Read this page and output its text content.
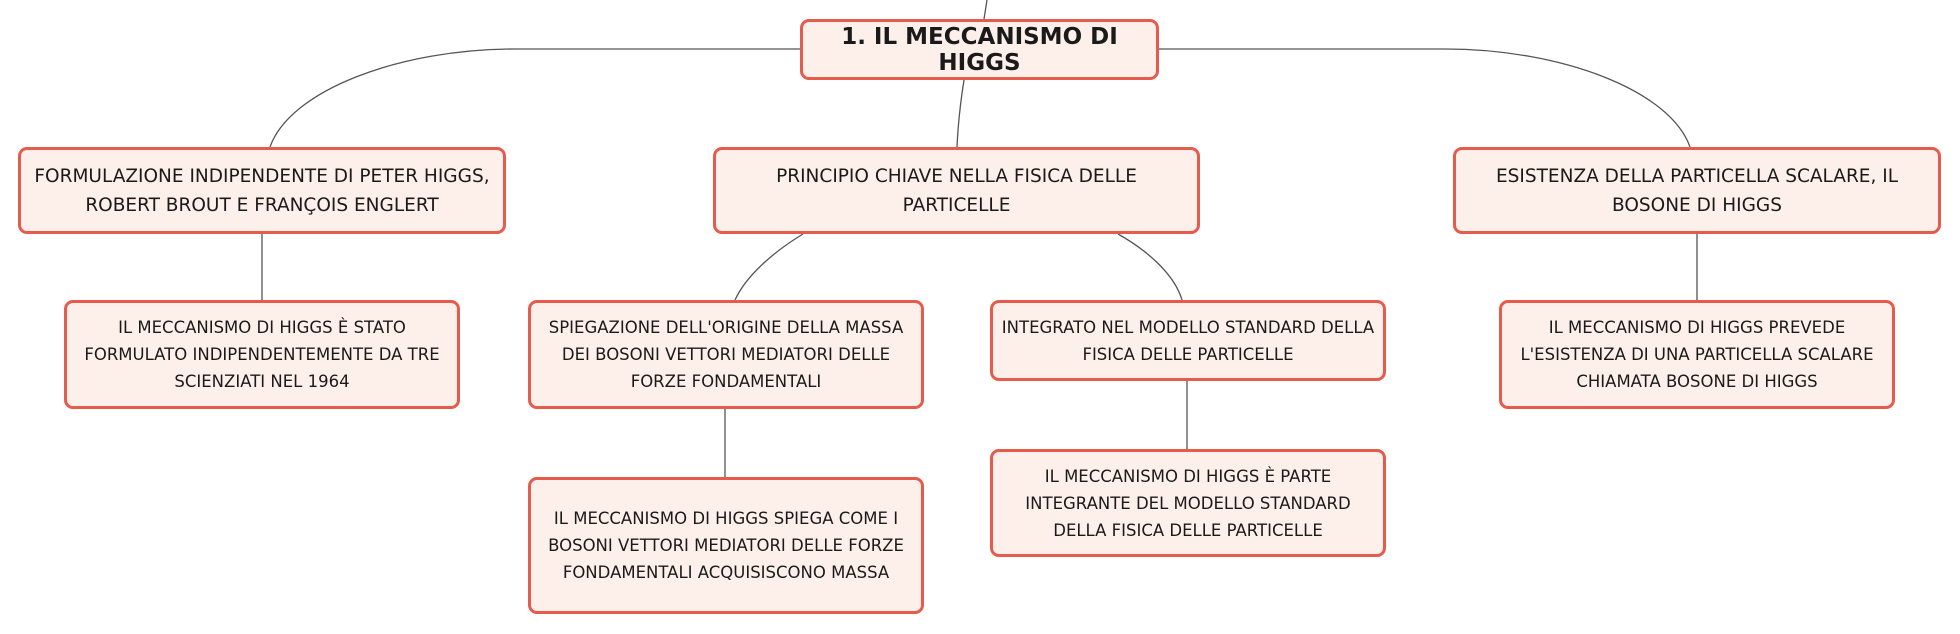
1. IL MECCANISMO DI HIGGS
FORMULAZIONE INDIPENDENTE DI PETER HIGGS, ROBERT BROUT E FRANÇOIS ENGLERT
PRINCIPIO CHIAVE NELLA FISICA DELLE PARTICELLE
ESISTENZA DELLA PARTICELLA SCALARE, IL BOSONE DI HIGGS
IL MECCANISMO DI HIGGS È STATO FORMULATO INDIPENDENTEMENTE DA TRE SCIENZIATI NEL 1964
SPIEGAZIONE DELL'ORIGINE DELLA MASSA DEI BOSONI VETTORI MEDIATORI DELLE FORZE FONDAMENTALI
INTEGRATO NEL MODELLO STANDARD DELLA FISICA DELLE PARTICELLE
IL MECCANISMO DI HIGGS PREVEDE L'ESISTENZA DI UNA PARTICELLA SCALARE CHIAMATA BOSONE DI HIGGS
IL MECCANISMO DI HIGGS SPIEGA COME I BOSONI VETTORI MEDIATORI DELLE FORZE FONDAMENTALI ACQUISISCONO MASSA
IL MECCANISMO DI HIGGS È PARTE INTEGRANTE DEL MODELLO STANDARD DELLA FISICA DELLE PARTICELLE
